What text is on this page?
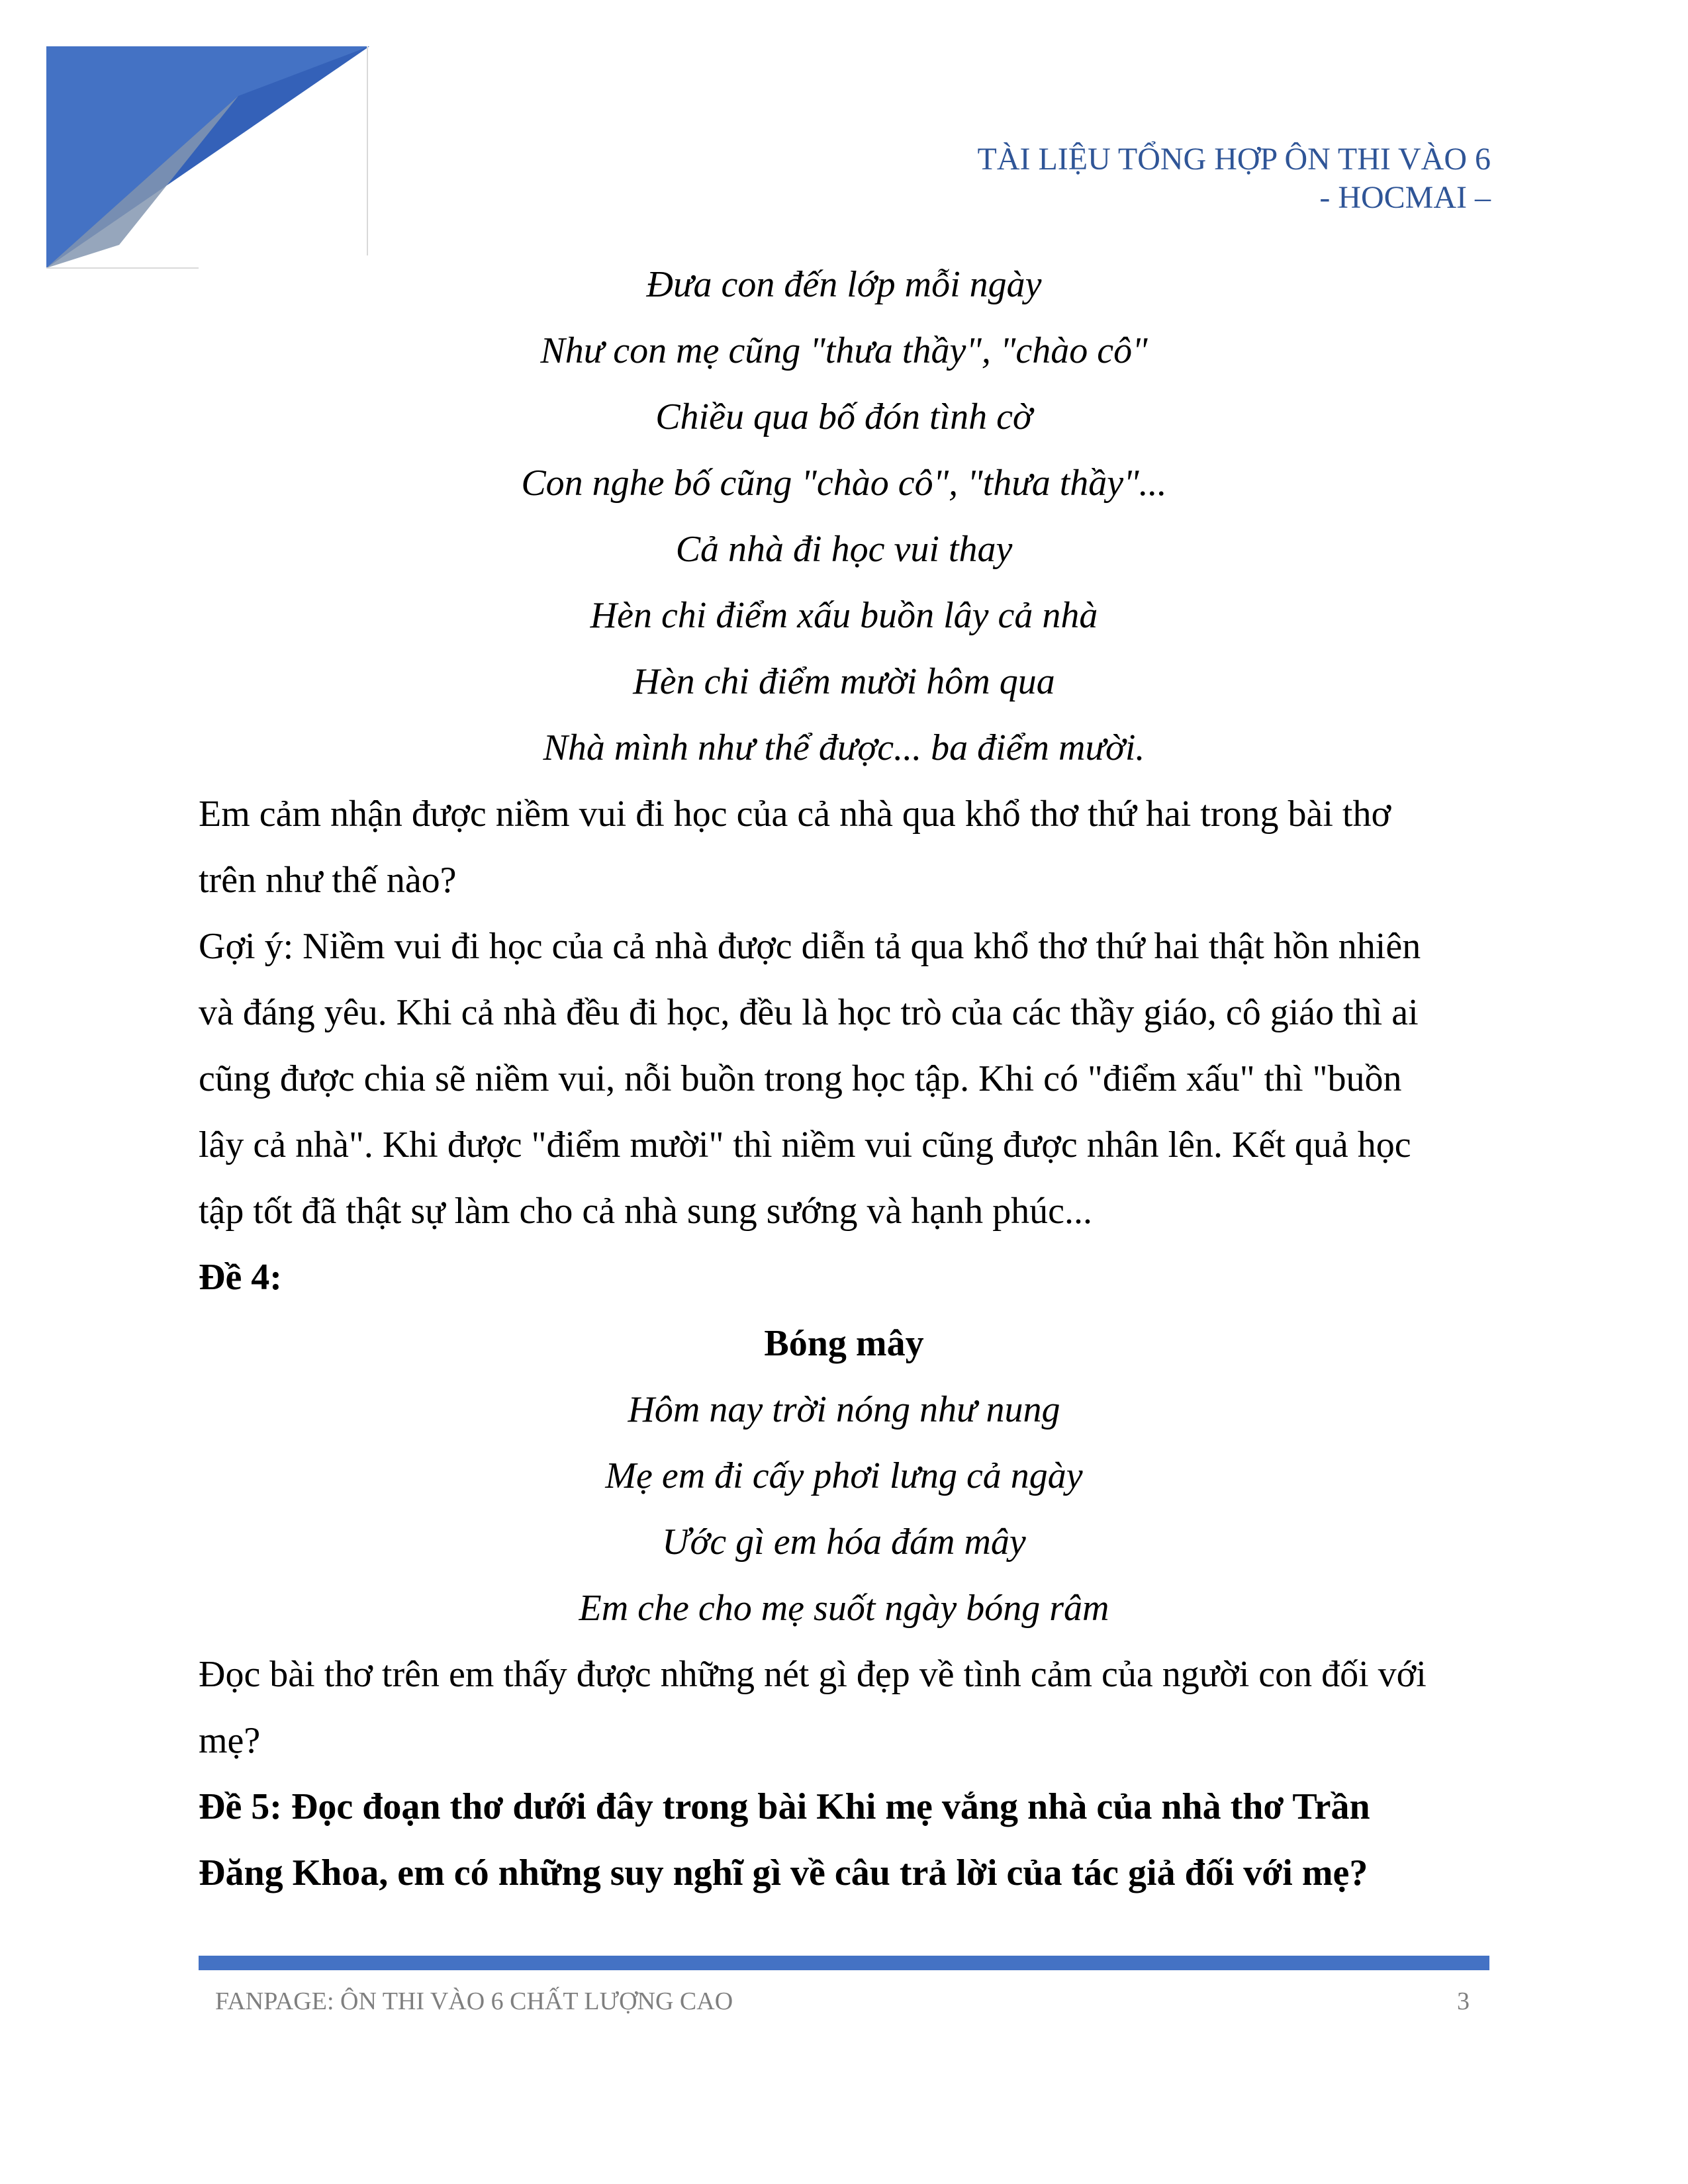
TÀI LIỆU TỔNG HỢP ÔN THI VÀO 6
- HOCMAI –
Đưa con đến lớp mỗi ngày
Như con mẹ cũng "thưa thầy", "chào cô"
Chiều qua bố đón tình cờ
Con nghe bố cũng "chào cô", "thưa thầy"...
Cả nhà đi học vui thay
Hèn chi điểm xấu buồn lây cả nhà
Hèn chi điểm mười hôm qua
Nhà mình như thể được... ba điểm mười.
Em cảm nhận được niềm vui đi học của cả nhà qua khổ thơ thứ hai trong bài thơ
trên như thế nào?
Gợi ý: Niềm vui đi học của cả nhà được diễn tả qua khổ thơ thứ hai thật hồn nhiên
và đáng yêu. Khi cả nhà đều đi học, đều là học trò của các thầy giáo, cô giáo thì ai
cũng được chia sẽ niềm vui, nỗi buồn trong học tập. Khi có "điểm xấu" thì "buồn
lây cả nhà". Khi được "điểm mười" thì niềm vui cũng được nhân lên. Kết quả học
tập tốt đã thật sự làm cho cả nhà sung sướng và hạnh phúc...
Đề 4:
Bóng mây
Hôm nay trời nóng như nung
Mẹ em đi cấy phơi lưng cả ngày
Ước gì em hóa đám mây
Em che cho mẹ suốt ngày bóng râm
Đọc bài thơ trên em thấy được những nét gì đẹp về tình cảm của người con đối với
mẹ?
Đề 5: Đọc đoạn thơ dưới đây trong bài Khi mẹ vắng nhà của nhà thơ Trần
Đăng Khoa, em có những suy nghĩ gì về câu trả lời của tác giả đối với mẹ?
FANPAGE: ÔN THI VÀO 6 CHẤT LƯỢNG CAO	3
